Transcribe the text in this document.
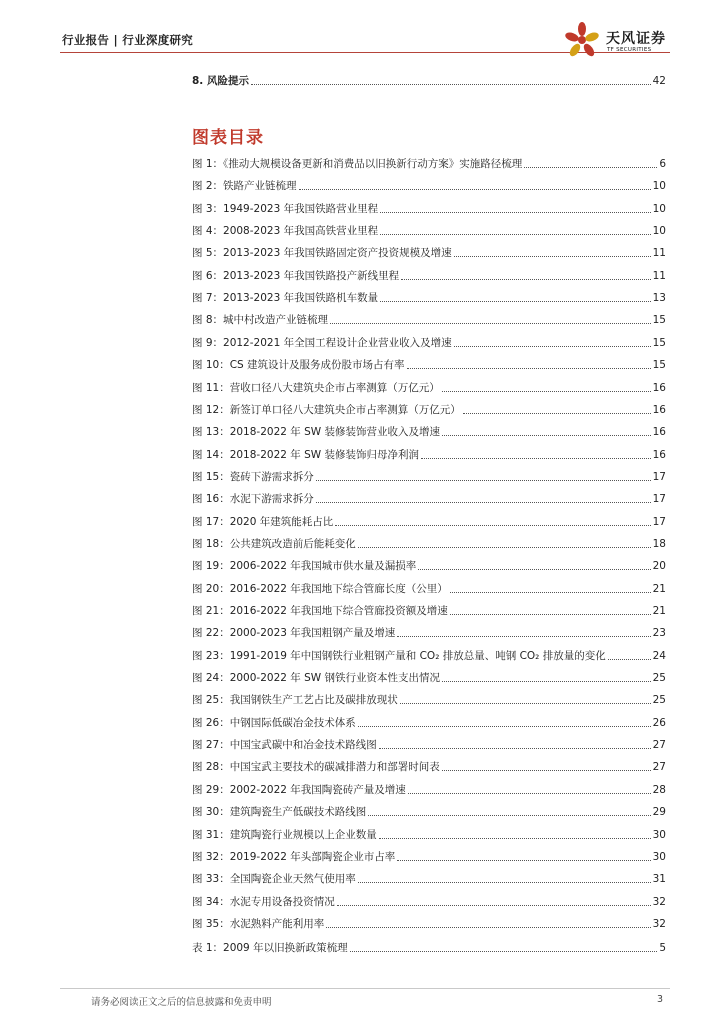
行业报告 | 行业深度研究	天风证券
TF SECURITIES
8. 风险提示	42
图表目录
图 1：《推动大规模设备更新和消费品以旧换新行动方案》实施路径梳理	6
图 2：铁路产业链梳理	10
图 3：1949-2023 年我国铁路营业里程	10
图 4：2008-2023 年我国高铁营业里程	10
图 5：2013-2023 年我国铁路固定资产投资规模及增速	11
图 6：2013-2023 年我国铁路投产新线里程	11
图 7：2013-2023 年我国铁路机车数量	13
图 8：城中村改造产业链梳理	15
图 9：2012-2021 年全国工程设计企业营业收入及增速	15
图 10：CS 建筑设计及服务成份股市场占有率	15
图 11：营收口径八大建筑央企市占率测算（万亿元）	16
图 12：新签订单口径八大建筑央企市占率测算（万亿元）	16
图 13：2018-2022 年 SW 装修装饰营业收入及增速	16
图 14：2018-2022 年 SW 装修装饰归母净利润	16
图 15：瓷砖下游需求拆分	17
图 16：水泥下游需求拆分	17
图 17：2020 年建筑能耗占比	17
图 18：公共建筑改造前后能耗变化	18
图 19：2006-2022 年我国城市供水量及漏损率	20
图 20：2016-2022 年我国地下综合管廊长度（公里）	21
图 21：2016-2022 年我国地下综合管廊投资额及增速	21
图 22：2000-2023 年我国粗钢产量及增速	23
图 23：1991-2019 年中国钢铁行业粗钢产量和 CO₂ 排放总量、吨钢 CO₂ 排放量的变化	24
图 24：2000-2022 年 SW 钢铁行业资本性支出情况	25
图 25：我国钢铁生产工艺占比及碳排放现状	25
图 26：中钢国际低碳冶金技术体系	26
图 27：中国宝武碳中和冶金技术路线图	27
图 28：中国宝武主要技术的碳减排潜力和部署时间表	27
图 29：2002-2022 年我国陶瓷砖产量及增速	28
图 30：建筑陶瓷生产低碳技术路线图	29
图 31：建筑陶瓷行业规模以上企业数量	30
图 32：2019-2022 年头部陶瓷企业市占率	30
图 33：全国陶瓷企业天然气使用率	31
图 34：水泥专用设备投资情况	32
图 35：水泥熟料产能利用率	32
表 1：2009 年以旧换新政策梳理	5
请务必阅读正文之后的信息披露和免责申明	3
